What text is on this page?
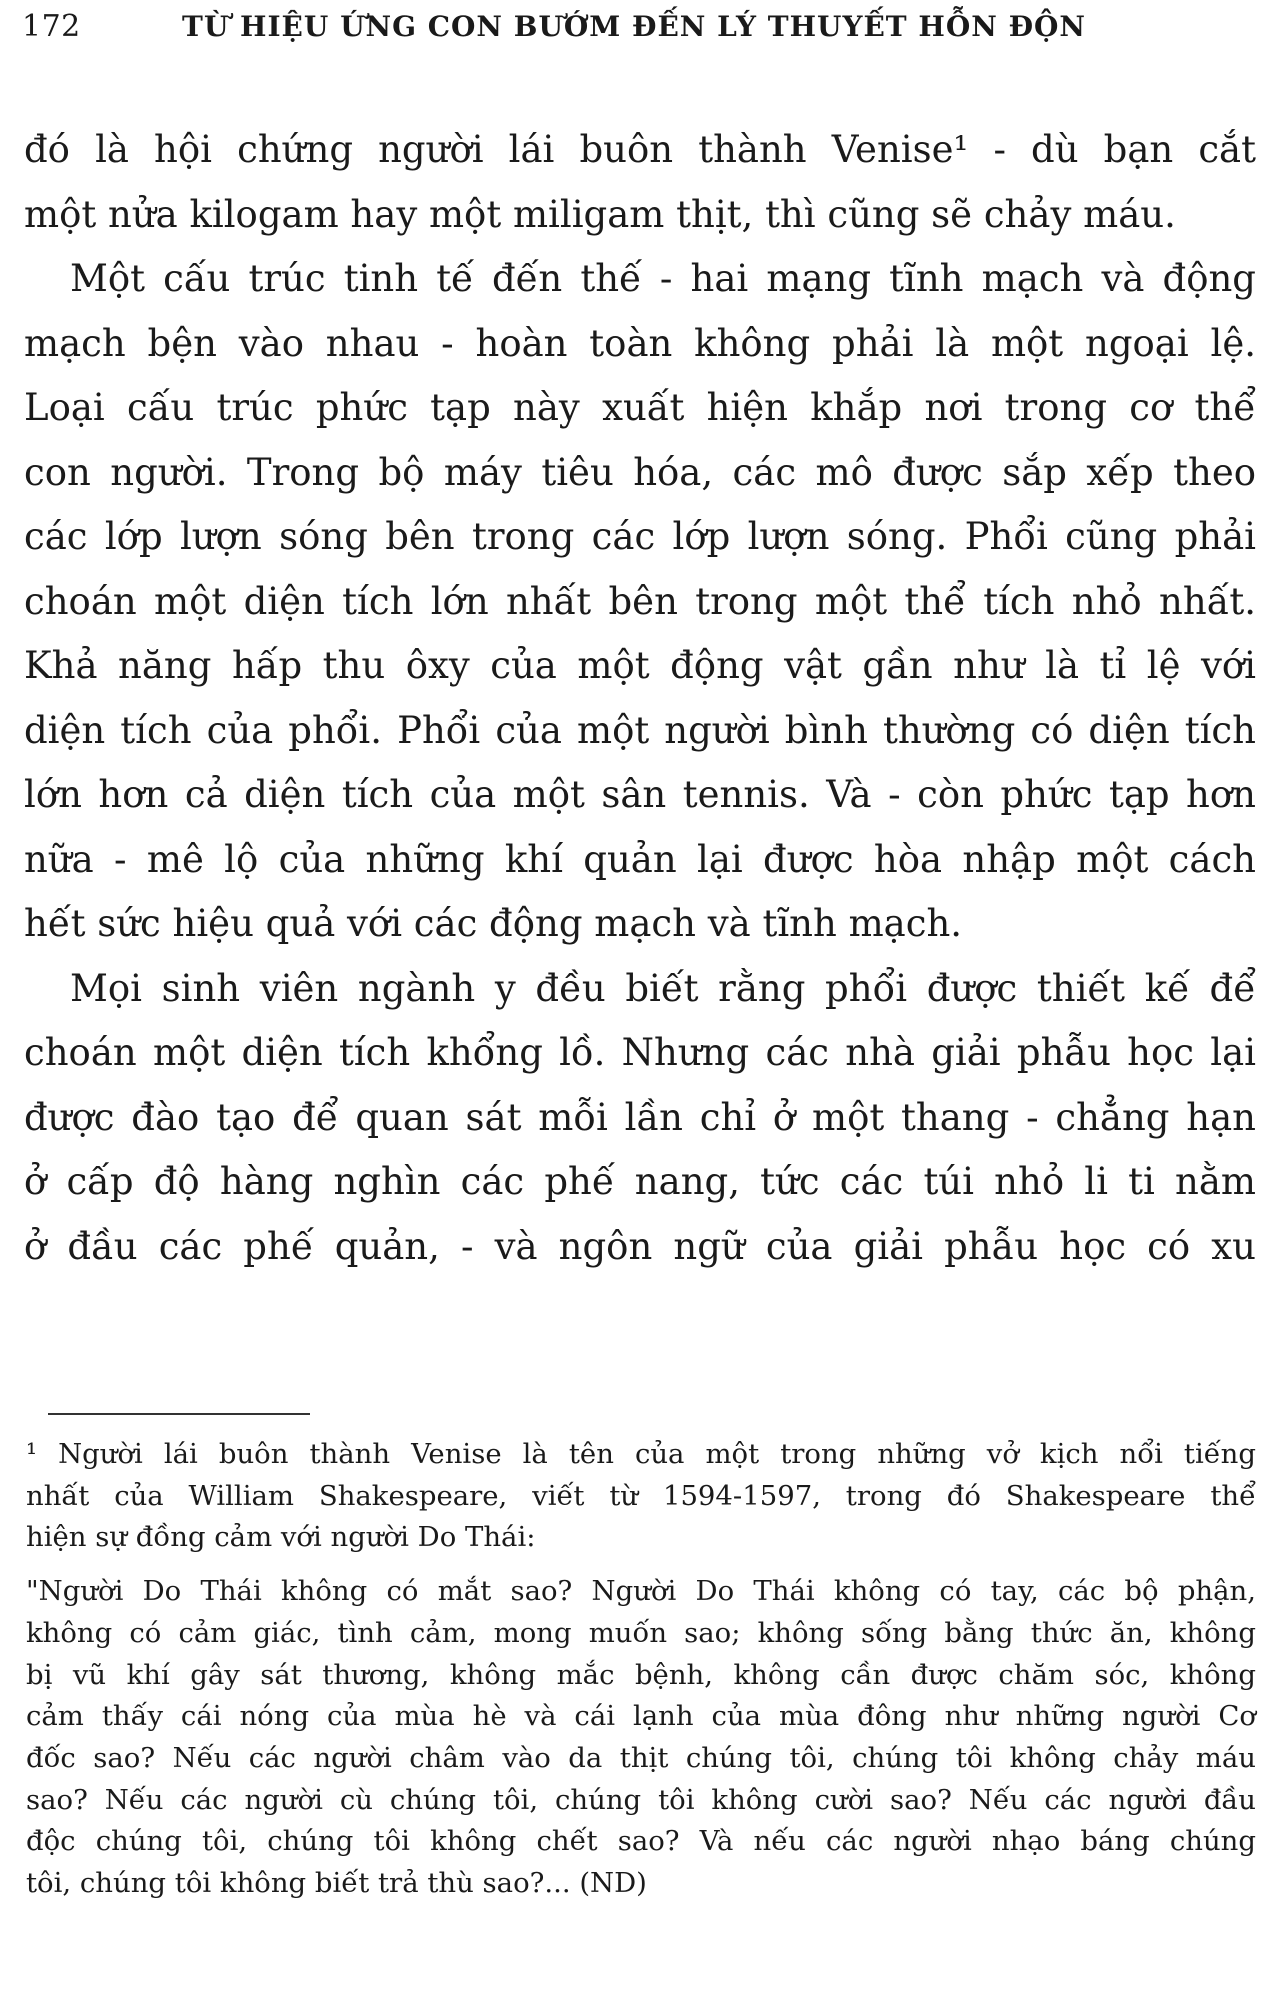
172	TỪ HIỆU ỨNG CON BƯỚM ĐẾN LÝ THUYẾT HỖN ĐỘN

đó là hội chứng người lái buôn thành Venise¹ - dù bạn cắt
một nửa kilogam hay một miligam thịt, thì cũng sẽ chảy máu.

Một cấu trúc tinh tế đến thế - hai mạng tĩnh mạch và động
mạch bện vào nhau - hoàn toàn không phải là một ngoại lệ.
Loại cấu trúc phức tạp này xuất hiện khắp nơi trong cơ thể
con người. Trong bộ máy tiêu hóa, các mô được sắp xếp theo
các lớp lượn sóng bên trong các lớp lượn sóng. Phổi cũng phải
choán một diện tích lớn nhất bên trong một thể tích nhỏ nhất.
Khả năng hấp thu ôxy của một động vật gần như là tỉ lệ với
diện tích của phổi. Phổi của một người bình thường có diện tích
lớn hơn cả diện tích của một sân tennis. Và - còn phức tạp hơn
nữa - mê lộ của những khí quản lại được hòa nhập một cách
hết sức hiệu quả với các động mạch và tĩnh mạch.

Mọi sinh viên ngành y đều biết rằng phổi được thiết kế để
choán một diện tích khổng lồ. Nhưng các nhà giải phẫu học lại
được đào tạo để quan sát mỗi lần chỉ ở một thang - chẳng hạn
ở cấp độ hàng nghìn các phế nang, tức các túi nhỏ li ti nằm
ở đầu các phế quản, - và ngôn ngữ của giải phẫu học có xu

¹ Người lái buôn thành Venise là tên của một trong những vở kịch nổi tiếng
nhất của William Shakespeare, viết từ 1594-1597, trong đó Shakespeare thể
hiện sự đồng cảm với người Do Thái:
"Người Do Thái không có mắt sao? Người Do Thái không có tay, các bộ phận,
không có cảm giác, tình cảm, mong muốn sao; không sống bằng thức ăn, không
bị vũ khí gây sát thương, không mắc bệnh, không cần được chăm sóc, không
cảm thấy cái nóng của mùa hè và cái lạnh của mùa đông như những người Cơ
đốc sao? Nếu các người châm vào da thịt chúng tôi, chúng tôi không chảy máu
sao? Nếu các người cù chúng tôi, chúng tôi không cười sao? Nếu các người đầu
độc chúng tôi, chúng tôi không chết sao? Và nếu các người nhạo báng chúng
tôi, chúng tôi không biết trả thù sao?... (ND)
